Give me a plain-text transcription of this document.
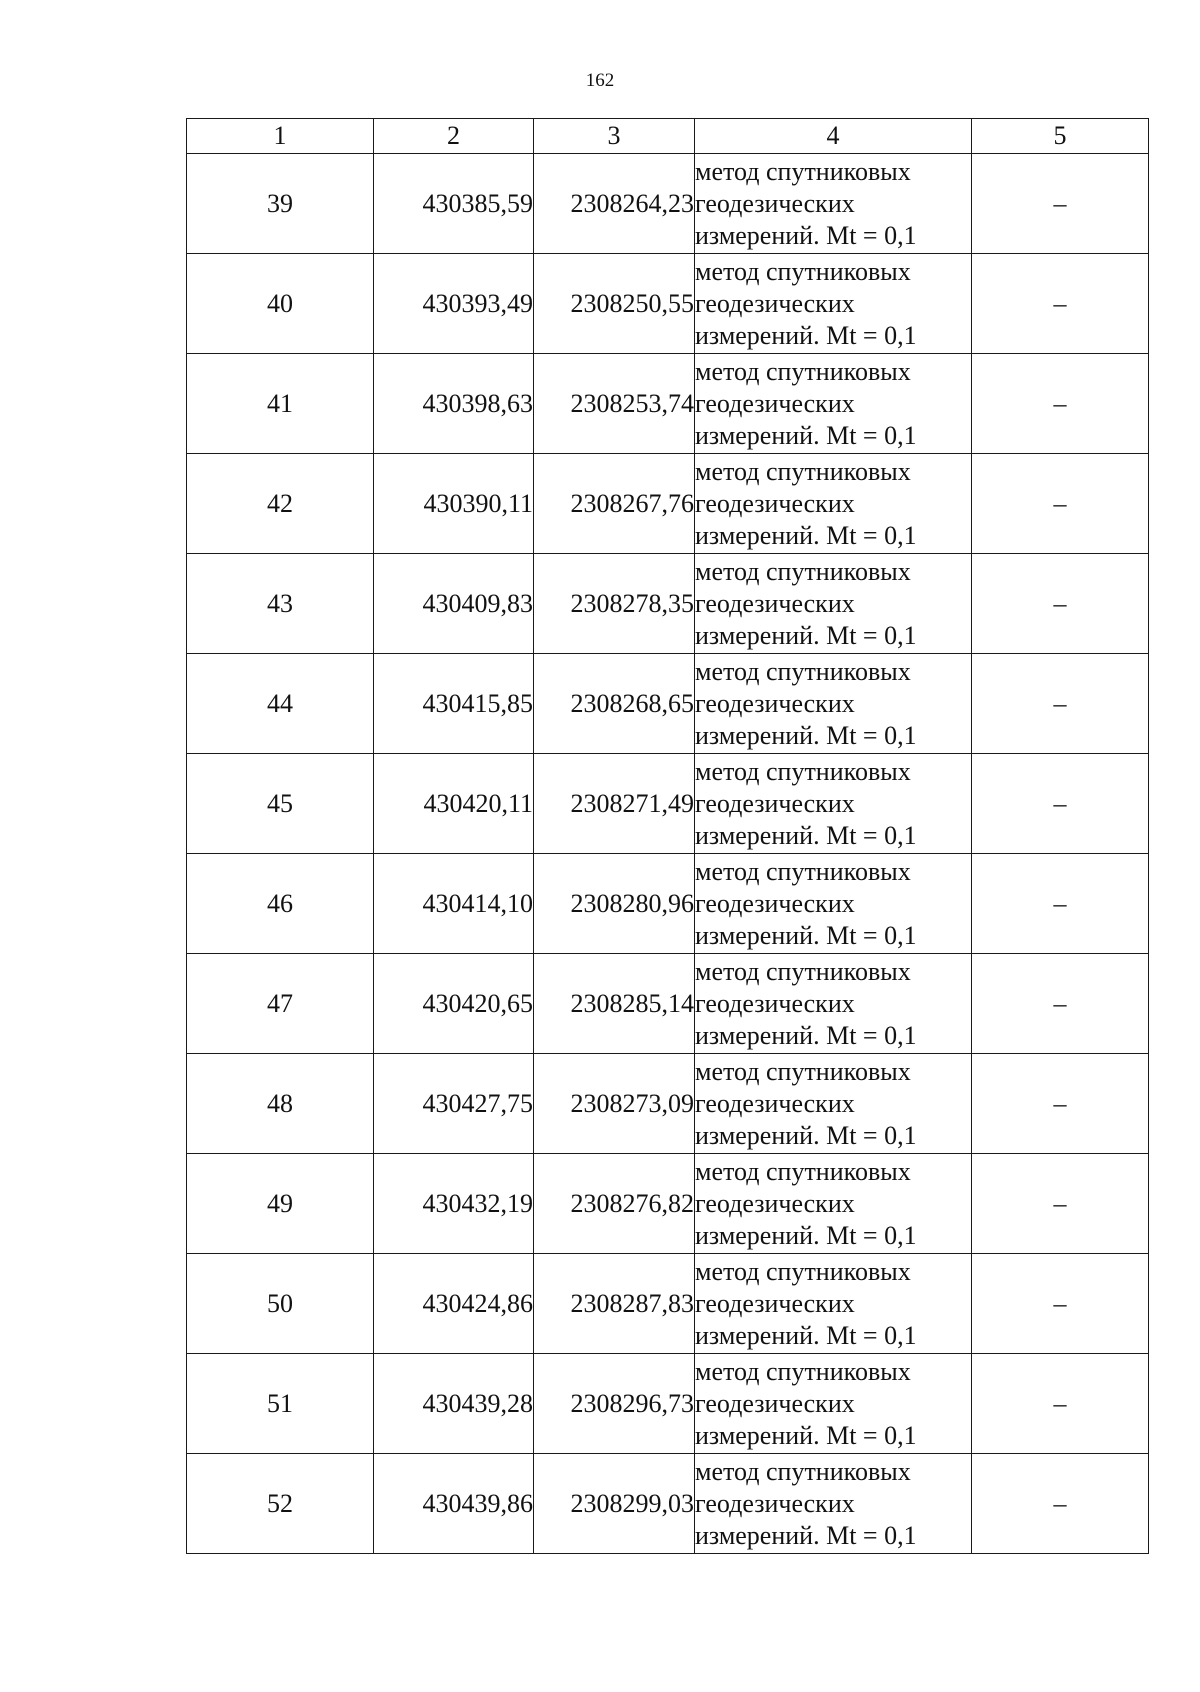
162
1	2	3	4	5
39	430385,59	2308264,23	метод спутниковых
геодезических
измерений. Mt = 0,1	–
40	430393,49	2308250,55	метод спутниковых
геодезических
измерений. Mt = 0,1	–
41	430398,63	2308253,74	метод спутниковых
геодезических
измерений. Mt = 0,1	–
42	430390,11	2308267,76	метод спутниковых
геодезических
измерений. Mt = 0,1	–
43	430409,83	2308278,35	метод спутниковых
геодезических
измерений. Mt = 0,1	–
44	430415,85	2308268,65	метод спутниковых
геодезических
измерений. Mt = 0,1	–
45	430420,11	2308271,49	метод спутниковых
геодезических
измерений. Mt = 0,1	–
46	430414,10	2308280,96	метод спутниковых
геодезических
измерений. Mt = 0,1	–
47	430420,65	2308285,14	метод спутниковых
геодезических
измерений. Mt = 0,1	–
48	430427,75	2308273,09	метод спутниковых
геодезических
измерений. Mt = 0,1	–
49	430432,19	2308276,82	метод спутниковых
геодезических
измерений. Mt = 0,1	–
50	430424,86	2308287,83	метод спутниковых
геодезических
измерений. Mt = 0,1	–
51	430439,28	2308296,73	метод спутниковых
геодезических
измерений. Mt = 0,1	–
52	430439,86	2308299,03	метод спутниковых
геодезических
измерений. Mt = 0,1	–
